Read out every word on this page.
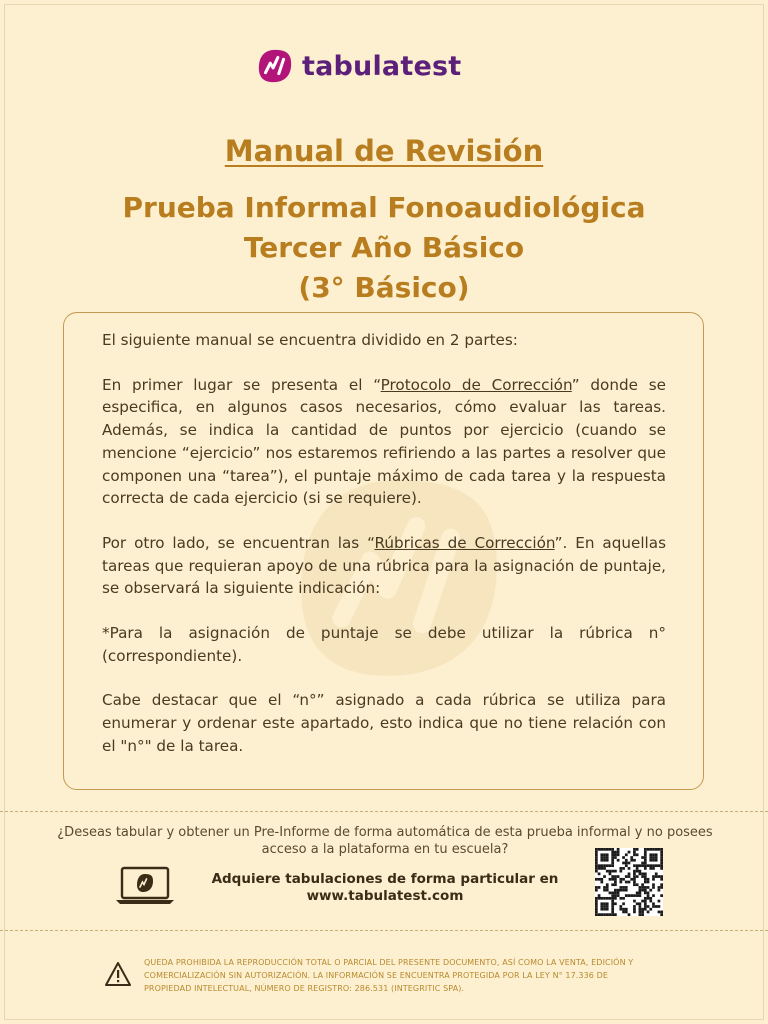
tabulatest
Manual de Revisión
Prueba Informal Fonoaudiológica
Tercer Año Básico
(3° Básico)

El siguiente manual se encuentra dividido en 2 partes:

En primer lugar se presenta el “Protocolo de Corrección” donde se especifica, en algunos casos necesarios, cómo evaluar las tareas. Además, se indica la cantidad de puntos por ejercicio (cuando se mencione “ejercicio” nos estaremos refiriendo a las partes a resolver que componen una “tarea”), el puntaje máximo de cada tarea y la respuesta correcta de cada ejercicio (si se requiere).

Por otro lado, se encuentran las “Rúbricas de Corrección”. En aquellas tareas que requieran apoyo de una rúbrica para la asignación de puntaje, se observará la siguiente indicación:

*Para la asignación de puntaje se debe utilizar la rúbrica n° (correspondiente).

Cabe destacar que el “n°” asignado a cada rúbrica se utiliza para enumerar y ordenar este apartado, esto indica que no tiene relación con el "n°" de la tarea.

¿Deseas tabular y obtener un Pre-Informe de forma automática de esta prueba informal y no posees acceso a la plataforma en tu escuela?
Adquiere tabulaciones de forma particular en
www.tabulatest.com
QUEDA PROHIBIDA LA REPRODUCCIÓN TOTAL O PARCIAL DEL PRESENTE DOCUMENTO, ASÍ COMO LA VENTA, EDICIÓN Y COMERCIALIZACIÓN SIN AUTORIZACIÓN. LA INFORMACIÓN SE ENCUENTRA PROTEGIDA POR LA LEY N° 17.336 DE PROPIEDAD INTELECTUAL, NÚMERO DE REGISTRO: 286.531 (INTEGRITIC SPA).
